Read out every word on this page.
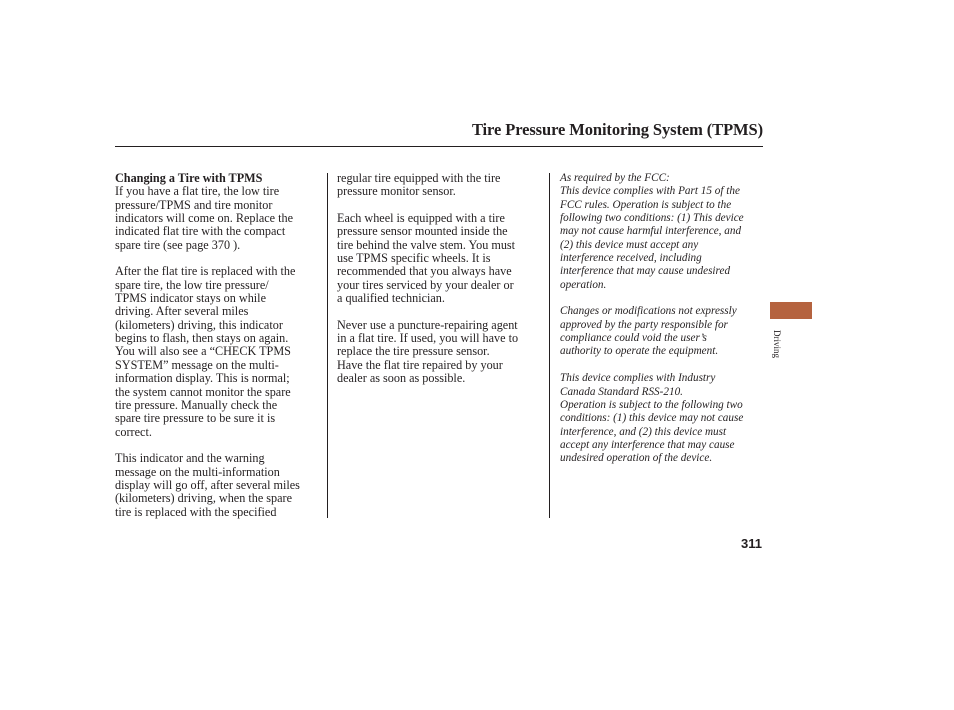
Tire Pressure Monitoring System (TPMS)
Changing a Tire with TPMS

If you have a flat tire, the low tire
pressure/TPMS and tire monitor
indicators will come on. Replace the
indicated flat tire with the compact
spare tire (see page 370 ).

After the flat tire is replaced with the
spare tire, the low tire pressure/
TPMS indicator stays on while
driving. After several miles
(kilometers) driving, this indicator
begins to flash, then stays on again.
You will also see a “CHECK TPMS
SYSTEM” message on the multi-
information display. This is normal;
the system cannot monitor the spare
tire pressure. Manually check the
spare tire pressure to be sure it is
correct.

This indicator and the warning
message on the multi-information
display will go off, after several miles
(kilometers) driving, when the spare
tire is replaced with the specified

regular tire equipped with the tire
pressure monitor sensor.

Each wheel is equipped with a tire
pressure sensor mounted inside the
tire behind the valve stem. You must
use TPMS specific wheels. It is
recommended that you always have
your tires serviced by your dealer or
a qualified technician.

Never use a puncture-repairing agent
in a flat tire. If used, you will have to
replace the tire pressure sensor.
Have the flat tire repaired by your
dealer as soon as possible.

As required by the FCC:
This device complies with Part 15 of the
FCC rules. Operation is subject to the
following two conditions: (1) This device
may not cause harmful interference, and
(2) this device must accept any
interference received, including
interference that may cause undesired
operation.

Changes or modifications not expressly
approved by the party responsible for
compliance could void the user’s
authority to operate the equipment.

This device complies with Industry
Canada Standard RSS-210.
Operation is subject to the following two
conditions: (1) this device may not cause
interference, and (2) this device must
accept any interference that may cause
undesired operation of the device.

Driving
311
